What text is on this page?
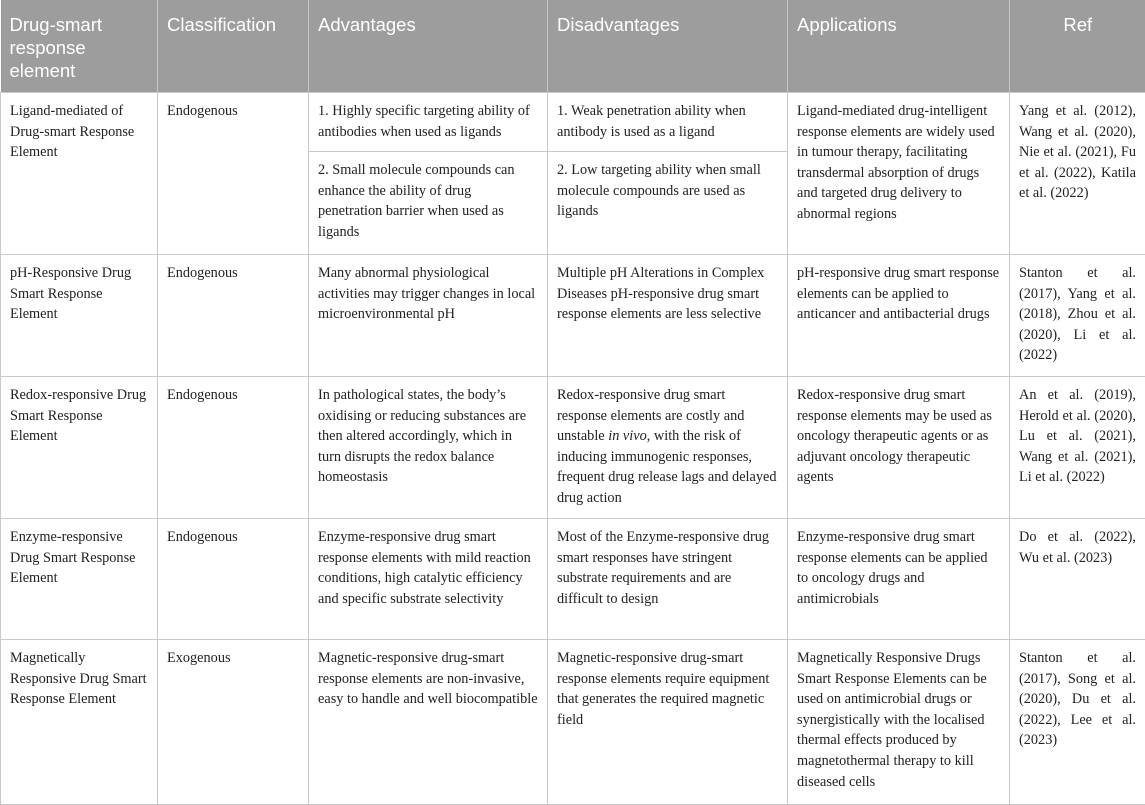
Drug-smart response element	Classification	Advantages	Disadvantages	Applications	Ref
Ligand-mediated of Drug-smart Response Element	Endogenous	1. Highly specific targeting ability of antibodies when used as ligands	1. Weak penetration ability when antibody is used as a ligand	Ligand-mediated drug-intelligent response elements are widely used in tumour therapy, facilitating transdermal absorption of drugs and targeted drug delivery to abnormal regions	Yang et al. (2012), Wang et al. (2020), Nie et al. (2021), Fu et al. (2022), Katila et al. (2022)
		2. Small molecule compounds can enhance the ability of drug penetration barrier when used as ligands	2. Low targeting ability when small molecule compounds are used as ligands		
pH-Responsive Drug Smart Response Element	Endogenous	Many abnormal physiological activities may trigger changes in local microenvironmental pH	Multiple pH Alterations in Complex Diseases pH-responsive drug smart response elements are less selective	pH-responsive drug smart response elements can be applied to anticancer and antibacterial drugs	Stanton et al. (2017), Yang et al. (2018), Zhou et al. (2020), Li et al. (2022)
Redox-responsive Drug Smart Response Element	Endogenous	In pathological states, the body’s oxidising or reducing substances are then altered accordingly, which in turn disrupts the redox balance homeostasis	Redox-responsive drug smart response elements are costly and unstable in vivo, with the risk of inducing immunogenic responses, frequent drug release lags and delayed drug action	Redox-responsive drug smart response elements may be used as oncology therapeutic agents or as adjuvant oncology therapeutic agents	An et al. (2019), Herold et al. (2020), Lu et al. (2021), Wang et al. (2021), Li et al. (2022)
Enzyme-responsive Drug Smart Response Element	Endogenous	Enzyme-responsive drug smart response elements with mild reaction conditions, high catalytic efficiency and specific substrate selectivity	Most of the Enzyme-responsive drug smart responses have stringent substrate requirements and are difficult to design	Enzyme-responsive drug smart response elements can be applied to oncology drugs and antimicrobials	Do et al. (2022), Wu et al. (2023)
Magnetically Responsive Drug Smart Response Element	Exogenous	Magnetic-responsive drug-smart response elements are non-invasive, easy to handle and well biocompatible	Magnetic-responsive drug-smart response elements require equipment that generates the required magnetic field	Magnetically Responsive Drugs Smart Response Elements can be used on antimicrobial drugs or synergistically with the localised thermal effects produced by magnetothermal therapy to kill diseased cells	Stanton et al. (2017), Song et al. (2020), Du et al. (2022), Lee et al. (2023)
